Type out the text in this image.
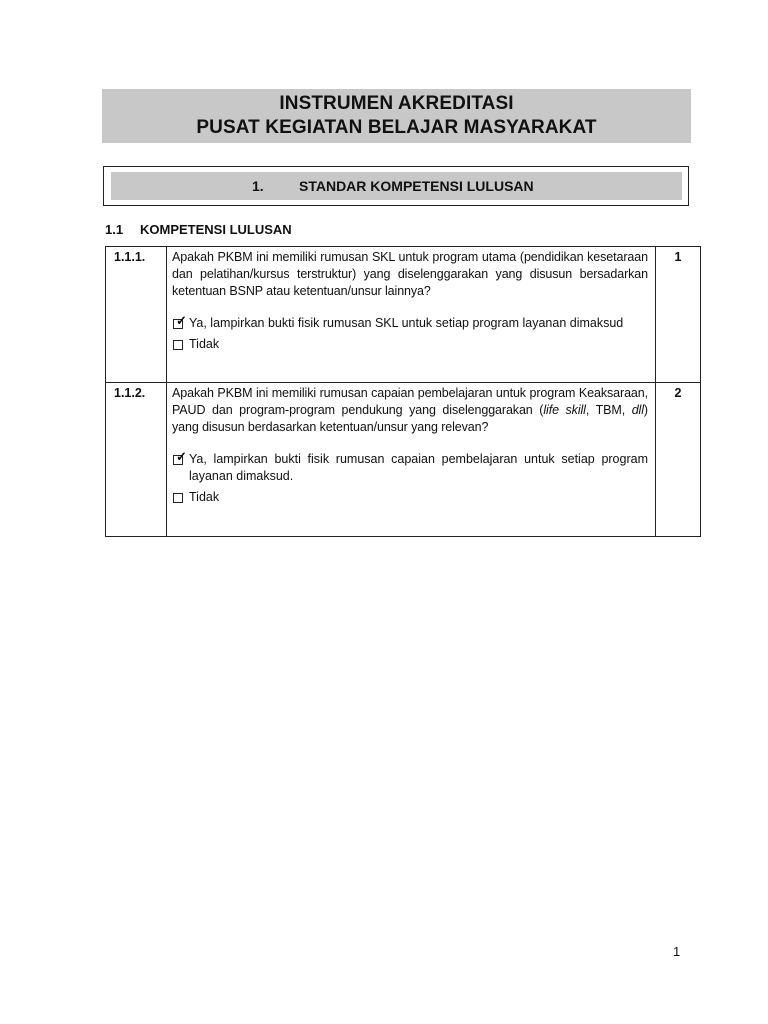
INSTRUMEN AKREDITASI
PUSAT KEGIATAN BELAJAR MASYARAKAT
1.	STANDAR KOMPETENSI LULUSAN
1.1 KOMPETENSI LULUSAN
1.1.1.	Apakah PKBM ini memiliki rumusan SKL untuk program utama (pendidikan kesetaraan dan pelatihan/kursus terstruktur) yang diselenggarakan yang disusun bersadarkan ketentuan BSNP atau ketentuan/unsur lainnya?
✓ Ya, lampirkan bukti fisik rumusan SKL untuk setiap program layanan dimaksud
Tidak	1
1.1.2.	Apakah PKBM ini memiliki rumusan capaian pembelajaran untuk program Keaksaraan, PAUD dan program-program pendukung yang diselenggarakan (life skill, TBM, dll) yang disusun berdasarkan ketentuan/unsur yang relevan?
✓ Ya, lampirkan bukti fisik rumusan capaian pembelajaran untuk setiap program layanan dimaksud.
Tidak	2
1
